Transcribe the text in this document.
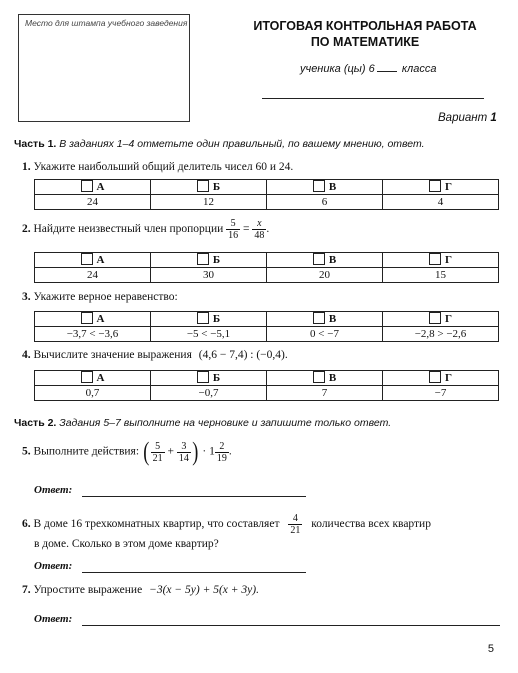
Место для штампа учебного заведения	ИТОГОВАЯ КОНТРОЛЬНАЯ РАБОТА
ПО МАТЕМАТИКЕ
ученика (цы) 6 класса
Вариант 1
Часть 1. В заданиях 1–4 отметьте один правильный, по вашему мнению, ответ.
1. Укажите наибольший общий делитель чисел 60 и 24.
А	Б	В	Г
24	12	6	4
2. Найдите неизвестный член пропорции $\frac{5}{16} = \frac{x}{48}$ .
А	Б	В	Г
24	30	20	15
3. Укажите верное неравенство:
А	Б	В	Г
−3,7 < −3,6	−5 < −5,1	0 < −7	−2,8 > −2,6
4. Вычислите значение выражения (4,6 − 7,4) : (−0,4).
А	Б	В	Г
0,7	−0,7	7	−7
Часть 2. Задания 5–7 выполните на черновике и запишите только ответ.
5. Выполните действия: ( $\frac{5}{21} + \frac{3}{14}$ ) · $1 \frac{2}{19}$ .
Ответ:
6. В доме 16 трехкомнатных квартир, что составляет $\frac{4}{21}$ количества всех квартир
в доме. Сколько в этом доме квартир?
Ответ:
7. Упростите выражение −3(x − 5y) + 5(x + 3y).
Ответ:
5
